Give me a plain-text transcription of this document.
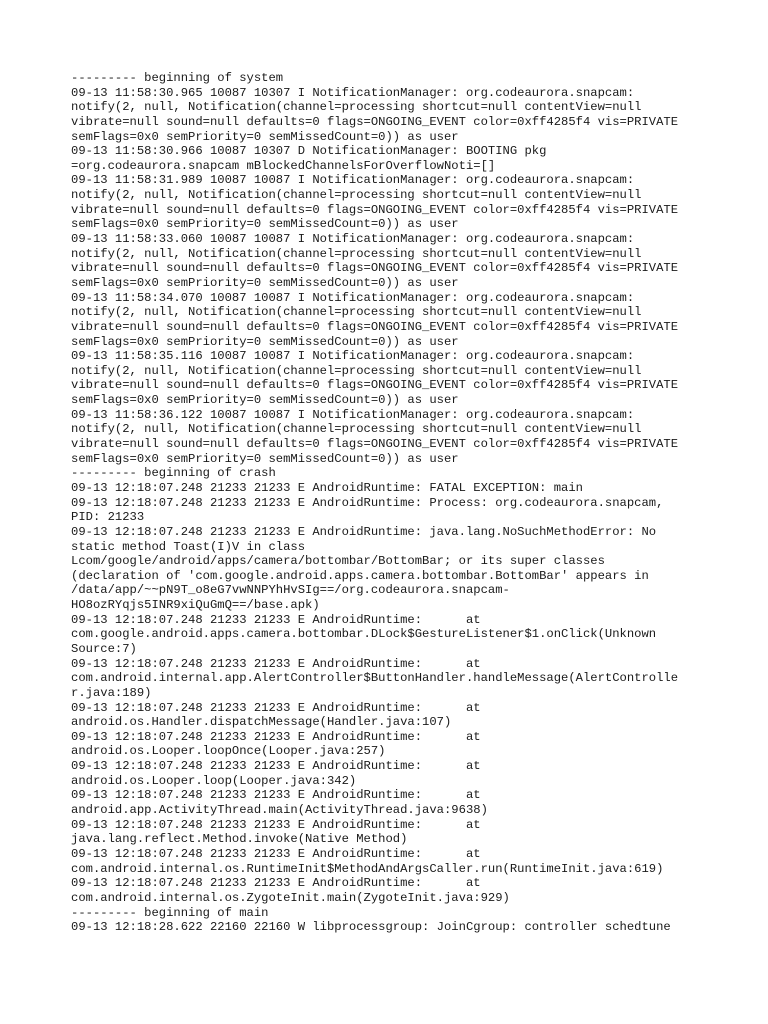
--------- beginning of system
09-13 11:58:30.965 10087 10307 I NotificationManager: org.codeaurora.snapcam:
notify(2, null, Notification(channel=processing shortcut=null contentView=null
vibrate=null sound=null defaults=0 flags=ONGOING_EVENT color=0xff4285f4 vis=PRIVATE
semFlags=0x0 semPriority=0 semMissedCount=0)) as user
09-13 11:58:30.966 10087 10307 D NotificationManager: BOOTING pkg
=org.codeaurora.snapcam mBlockedChannelsForOverflowNoti=[]
09-13 11:58:31.989 10087 10087 I NotificationManager: org.codeaurora.snapcam:
notify(2, null, Notification(channel=processing shortcut=null contentView=null
vibrate=null sound=null defaults=0 flags=ONGOING_EVENT color=0xff4285f4 vis=PRIVATE
semFlags=0x0 semPriority=0 semMissedCount=0)) as user
09-13 11:58:33.060 10087 10087 I NotificationManager: org.codeaurora.snapcam:
notify(2, null, Notification(channel=processing shortcut=null contentView=null
vibrate=null sound=null defaults=0 flags=ONGOING_EVENT color=0xff4285f4 vis=PRIVATE
semFlags=0x0 semPriority=0 semMissedCount=0)) as user
09-13 11:58:34.070 10087 10087 I NotificationManager: org.codeaurora.snapcam:
notify(2, null, Notification(channel=processing shortcut=null contentView=null
vibrate=null sound=null defaults=0 flags=ONGOING_EVENT color=0xff4285f4 vis=PRIVATE
semFlags=0x0 semPriority=0 semMissedCount=0)) as user
09-13 11:58:35.116 10087 10087 I NotificationManager: org.codeaurora.snapcam:
notify(2, null, Notification(channel=processing shortcut=null contentView=null
vibrate=null sound=null defaults=0 flags=ONGOING_EVENT color=0xff4285f4 vis=PRIVATE
semFlags=0x0 semPriority=0 semMissedCount=0)) as user
09-13 11:58:36.122 10087 10087 I NotificationManager: org.codeaurora.snapcam:
notify(2, null, Notification(channel=processing shortcut=null contentView=null
vibrate=null sound=null defaults=0 flags=ONGOING_EVENT color=0xff4285f4 vis=PRIVATE
semFlags=0x0 semPriority=0 semMissedCount=0)) as user
--------- beginning of crash
09-13 12:18:07.248 21233 21233 E AndroidRuntime: FATAL EXCEPTION: main
09-13 12:18:07.248 21233 21233 E AndroidRuntime: Process: org.codeaurora.snapcam,
PID: 21233
09-13 12:18:07.248 21233 21233 E AndroidRuntime: java.lang.NoSuchMethodError: No
static method Toast(I)V in class
Lcom/google/android/apps/camera/bottombar/BottomBar; or its super classes
(declaration of 'com.google.android.apps.camera.bottombar.BottomBar' appears in
/data/app/~~pN9T_o8eG7vwNNPYhHvSIg==/org.codeaurora.snapcam-
HO8ozRYqjs5INR9xiQuGmQ==/base.apk)
09-13 12:18:07.248 21233 21233 E AndroidRuntime:      at
com.google.android.apps.camera.bottombar.DLock$GestureListener$1.onClick(Unknown
Source:7)
09-13 12:18:07.248 21233 21233 E AndroidRuntime:      at
com.android.internal.app.AlertController$ButtonHandler.handleMessage(AlertControlle
r.java:189)
09-13 12:18:07.248 21233 21233 E AndroidRuntime:      at
android.os.Handler.dispatchMessage(Handler.java:107)
09-13 12:18:07.248 21233 21233 E AndroidRuntime:      at
android.os.Looper.loopOnce(Looper.java:257)
09-13 12:18:07.248 21233 21233 E AndroidRuntime:      at
android.os.Looper.loop(Looper.java:342)
09-13 12:18:07.248 21233 21233 E AndroidRuntime:      at
android.app.ActivityThread.main(ActivityThread.java:9638)
09-13 12:18:07.248 21233 21233 E AndroidRuntime:      at
java.lang.reflect.Method.invoke(Native Method)
09-13 12:18:07.248 21233 21233 E AndroidRuntime:      at
com.android.internal.os.RuntimeInit$MethodAndArgsCaller.run(RuntimeInit.java:619)
09-13 12:18:07.248 21233 21233 E AndroidRuntime:      at
com.android.internal.os.ZygoteInit.main(ZygoteInit.java:929)
--------- beginning of main
09-13 12:18:28.622 22160 22160 W libprocessgroup: JoinCgroup: controller schedtune
